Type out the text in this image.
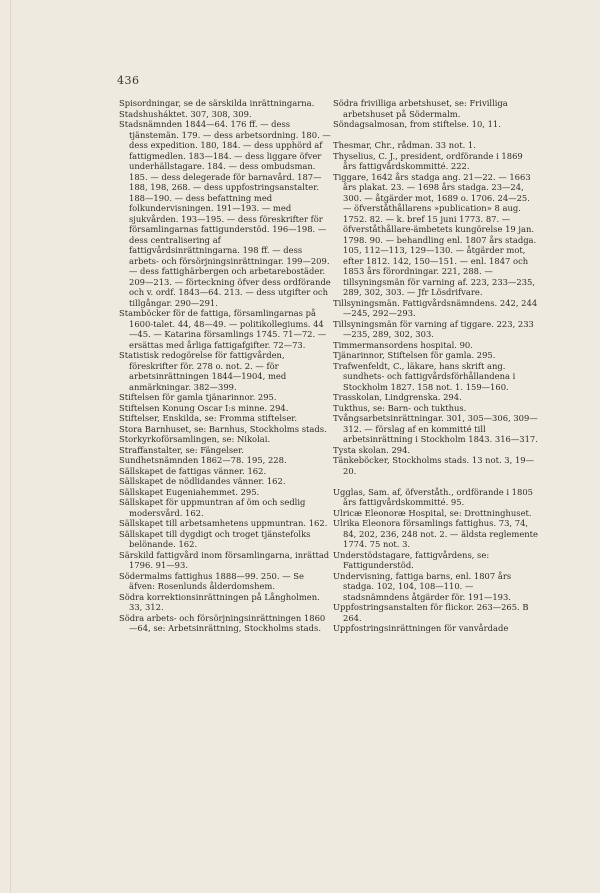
436

Spisordningar, se de särskilda inrättningarna.

Stadshusháktet. 307, 308, 309.

Stadsnämnden 1844—64. 176 ff. — dess tjänstemän. 179. — dess arbetsordning. 180. — dess expedition. 180, 184. — dess upphörd af fattigmedlen. 183—184. — dess liggare öfver underhällstagare. 184. — dess ombudsman. 185. — dess delegerade för barnavård. 187—188, 198, 268. — dess uppfostringsanstalter. 188—190. — dess befattning med folkundervisningen. 191—193. — med sjukvården. 193—195. — dess föreskrifter för församlingarnas fattigunderstöd. 196—198. — dess centralisering af fattigvårdsinrättningarna. 198 ff. — dess arbets- och försörjningsinrättningar. 199—209. — dess fattighärbergen och arbetarebostäder. 209—213. — förteckning öfver dess ordförande och v. ordf. 1843—64. 213. — dess utgifter och tillgångar. 290—291.

Stamböcker för de fattiga, församlingarnas på 1600-talet. 44, 48—49. — politikollegiums. 44—45. — Katarina församlings 1745. 71—72. — ersättas med årliga fattigafgifter. 72—73.

Statistisk redogörelse för fattigvården, föreskrifter för. 278 o. not. 2. — för arbetsinrättningen 1844—1904, med anmärkningar. 382—399.

Stiftelsen för gamla tjänarinnor. 295.

Stiftelsen Konung Oscar I:s minne. 294.

Stiftelser, Enskilda, se: Fromma stiftelser.

Stora Barnhuset, se: Barnhus, Stockholms stads.

Storkyrkoförsamlingen, se: Nikolai.

Straffanstalter, se: Fängelser.

Sundhetsnämnden 1862—78. 195, 228.

Sällskapet de fattigas vänner. 162.

Sällskapet de nödlidandes vänner. 162.

Sällskapet Eugeniahemmet. 295.

Sällskapet för uppmuntran af öm och sedlig modersvård. 162.

Sällskapet till arbetsamhetens uppmuntran. 162.

Sällskapet till dygdigt och troget tjänstefolks belönande. 162.

Särskild fattigvård inom församlingarna, inrättad 1796. 91—93.

Södermalms fattighus 1888—99. 250. — Se äfven: Rosenlunds ålderdomshem.

Södra korrektionsinrättningen på Långholmen. 33, 312.

Södra arbets- och försörjningsinrättningen 1860—64, se: Arbetsinrättning, Stockholms stads.

Södra frivilliga arbetshuset, se: Frivilliga arbetshuset på Södermalm.

Söndagsalmosan, from stiftelse. 10, 11.

Thesmar, Chr., rådman. 33 not. 1.

Thyselius, C. J., president, ordförande i 1869 års fattigvårdskommitté. 222.

Tiggare, 1642 års stadga ang. 21—22. — 1663 års plakat. 23. — 1698 års stadga. 23—24, 300. — åtgärder mot, 1689 o. 1706. 24—25. — öfverståthållarens »publication» 8 aug. 1752. 82. — k. bref 15 juni 1773. 87. — öfverståthållare-ämbetets kungörelse 19 jan. 1798. 90. — behandling enl. 1807 års stadga. 105, 112—113, 129—130. — åtgärder mot, efter 1812. 142, 150—151. — enl. 1847 och 1853 års förordningar. 221, 288. — tillsyningsmän för varning af. 223, 233—235, 289, 302, 303. — Jfr Lösdrifvare.

Tillsyningsmän. Fattigvårdsnämndens. 242, 244—245, 292—293.

Tillsyningsmän för varning af tiggare. 223, 233—235, 289, 302, 303.

Timmermansordens hospital. 90.

Tjänarinnor, Stiftelsen för gamla. 295.

Trafwenfeldt, C., läkare, hans skrift ang. sundhets- och fattigvårdsförhållandena i Stockholm 1827. 158 not. 1. 159—160.

Trasskolan, Lindgrenska. 294.

Tukthus, se: Barn- och tukthus.

Tvångsarbetsinrättningar. 301, 305—306, 309—312. — förslag af en kommitté till arbetsinrättning i Stockholm 1843. 316—317.

Tysta skolan. 294.

Tänkeböcker, Stockholms stads. 13 not. 3, 19—20.

Ugglas, Sam. af, öfverståth., ordförande i 1805 års fattigvårdskommitté. 95.

Ulricæ Eleonoræ Hospital, se: Drottninghuset.

Ulrika Eleonora församlings fattighus. 73, 74, 84, 202, 236, 248 not. 2. — äldsta reglemente 1774. 75 not. 3.

Understödstagare, fattigvårdens, se: Fattigunderstöd.

Undervisning, fattiga barns, enl. 1807 års stadga. 102, 104, 108—110. — stadsnämndens åtgärder för. 191—193.

Uppfostringsanstalten för flickor. 263—265. B 264.

Uppfostringsinrättningen för vanvårdade
